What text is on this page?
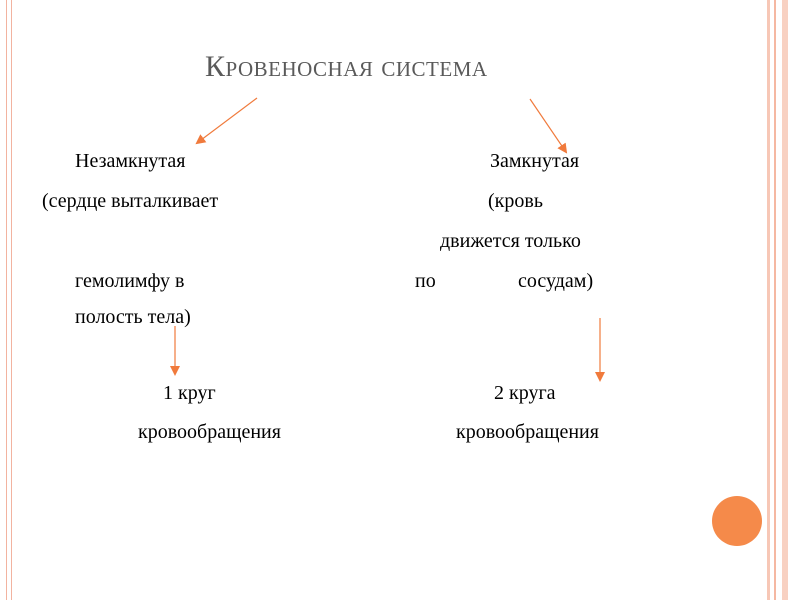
Кровеносная система
Незамкнутая
(сердце выталкивает
гемолимфу в
полость тела)
1 круг
кровообращения
Замкнутая
(кровь
движется только
по	сосудам)
2 круга
кровообращения
